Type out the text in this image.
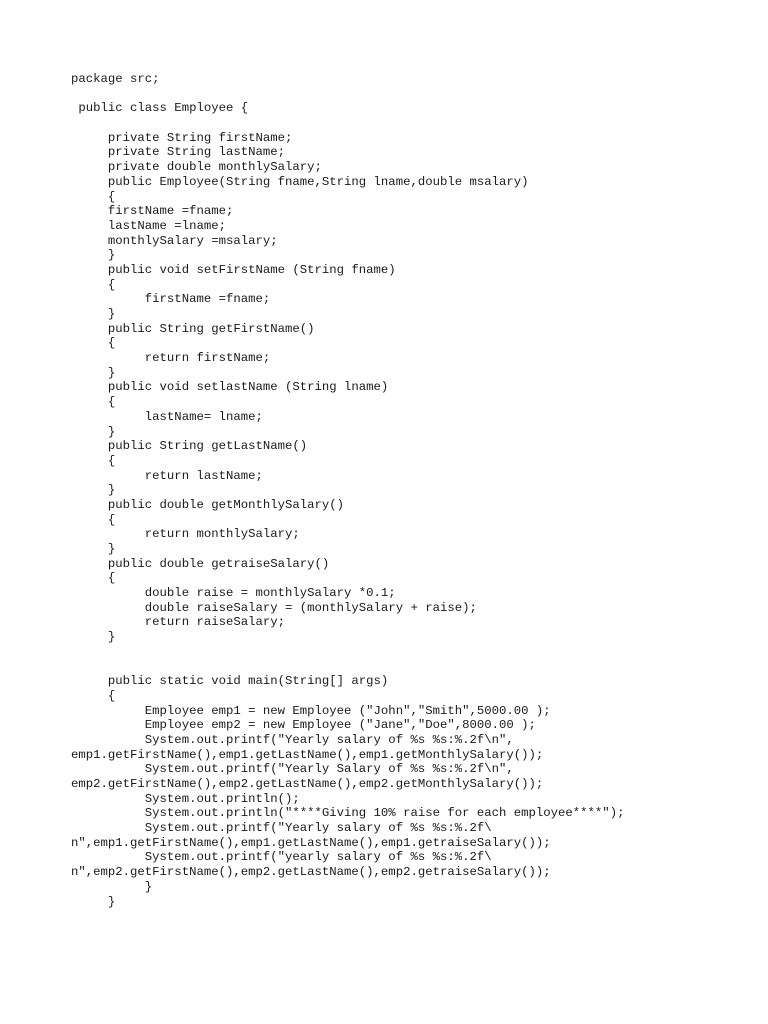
package src;
public class Employee {
private String firstName;
private String lastName;
private double monthlySalary;
public Employee(String fname,String lname,double msalary)
{
firstName =fname;
lastName =lname;
monthlySalary =msalary;
}
public void setFirstName (String fname)
{
firstName =fname;
}
public String getFirstName()
{
return firstName;
}
public void setlastName (String lname)
{
lastName= lname;
}
public String getLastName()
{
return lastName;
}
public double getMonthlySalary()
{
return monthlySalary;
}
public double getraiseSalary()
{
double raise = monthlySalary *0.1;
double raiseSalary = (monthlySalary + raise);
return raiseSalary;
}
public static void main(String[] args)
{
Employee emp1 = new Employee ("John","Smith",5000.00 );
Employee emp2 = new Employee ("Jane","Doe",8000.00 );
System.out.printf("Yearly salary of %s %s:%.2f\n",
emp1.getFirstName(),emp1.getLastName(),emp1.getMonthlySalary());
System.out.printf("Yearly Salary of %s %s:%.2f\n",
emp2.getFirstName(),emp2.getLastName(),emp2.getMonthlySalary());
System.out.println();
System.out.println("****Giving 10% raise for each employee****");
System.out.printf("Yearly salary of %s %s:%.2f\
n",emp1.getFirstName(),emp1.getLastName(),emp1.getraiseSalary());
System.out.printf("yearly salary of %s %s:%.2f\
n",emp2.getFirstName(),emp2.getLastName(),emp2.getraiseSalary());
}
}
